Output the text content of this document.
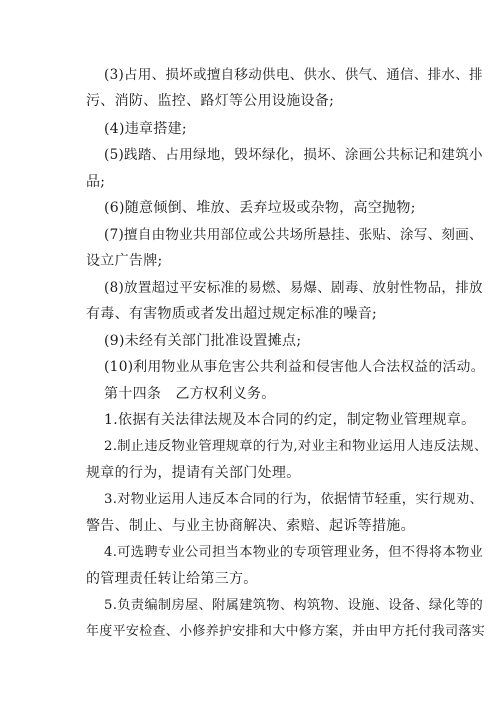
(3)占用、损坏或擅自移动供电、供水、供气、通信、排水、排
污、消防、监控、路灯等公用设施设备;
(4)违章搭建;
(5)践踏、占用绿地，毁坏绿化，损坏、涂画公共标记和建筑小
品;
(6)随意倾倒、堆放、丢弃垃圾或杂物，高空抛物;
(7)擅自由物业共用部位或公共场所悬挂、张贴、涂写、刻画、
设立广告牌;
(8)放置超过平安标准的易燃、易爆、剧毒、放射性物品，排放
有毒、有害物质或者发出超过规定标准的噪音;
(9)未经有关部门批准设置摊点;
(10)利用物业从事危害公共利益和侵害他人合法权益的活动。
第十四条　乙方权利义务。
1.依据有关法律法规及本合同的约定，制定物业管理规章。
2.制止违反物业管理规章的行为,对业主和物业运用人违反法规、
规章的行为，提请有关部门处理。
3.对物业运用人违反本合同的行为，依据情节轻重，实行规劝、
警告、制止、与业主协商解决、索赔、起诉等措施。
4.可选聘专业公司担当本物业的专项管理业务，但不得将本物业
的管理责任转让给第三方。
5.负责编制房屋、附属建筑物、构筑物、设施、设备、绿化等的
年度平安检查、小修养护安排和大中修方案，并由甲方托付我司落实
